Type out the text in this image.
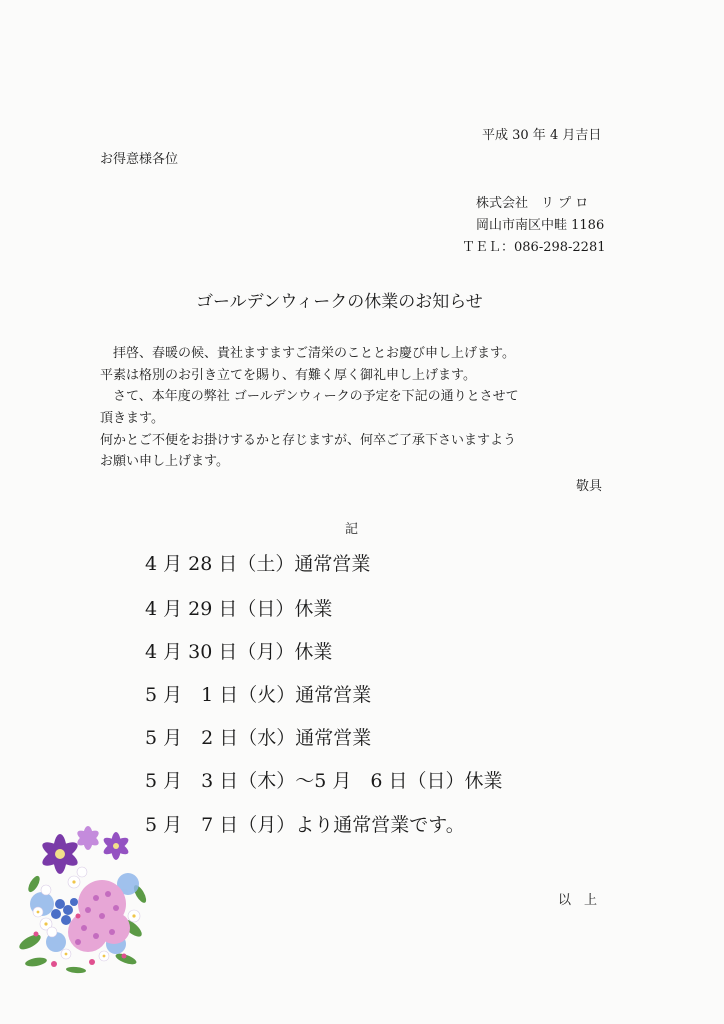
平成 30 年 4 月吉日

お得意様各位

株式会社　リ プ ロ

岡山市南区中畦 1186

ＴＥＬ：086-298-2281

ゴールデンウィークの休業のお知らせ

　拝啓、春暖の候、貴社ますますご清栄のこととお慶び申し上げます。

平素は格別のお引き立てを賜り、有難く厚く御礼申し上げます。

　さて、本年度の弊社 ゴールデンウィークの予定を下記の通りとさせて

頂きます。

何かとご不便をお掛けするかと存じますが、何卒ご了承下さいますよう

お願い申し上げます。

敬具

記

4 月 28 日（土）通常営業

4 月 29 日（日）休業

4 月 30 日（月）休業

5 月　1 日（火）通常営業

5 月　2 日（水）通常営業

5 月　3 日（木）～5 月　6 日（日）休業

5 月　7 日（月）より通常営業です。

以　上
